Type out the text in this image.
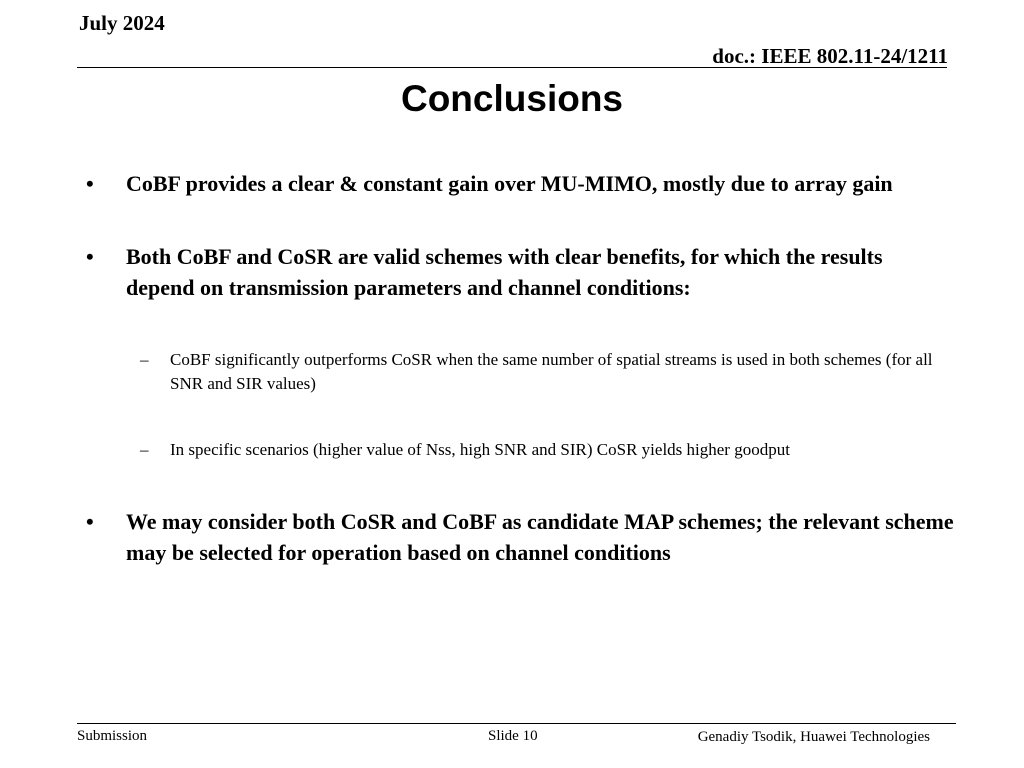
July 2024
doc.: IEEE 802.11-24/1211
Conclusions
•	CoBF provides a clear & constant gain over MU-MIMO, mostly due to array gain
•	Both CoBF and CoSR are valid schemes with clear benefits, for which the results depend on transmission parameters and channel conditions:
– CoBF significantly outperforms CoSR when the same number of spatial streams is used in both schemes (for all SNR and SIR values)
– In specific scenarios (higher value of Nss, high SNR and SIR) CoSR yields higher goodput
•	We may consider both CoSR and CoBF as candidate MAP schemes; the relevant scheme may be selected for operation based on channel conditions
Submission	Slide 10	Genadiy Tsodik, Huawei Technologies
